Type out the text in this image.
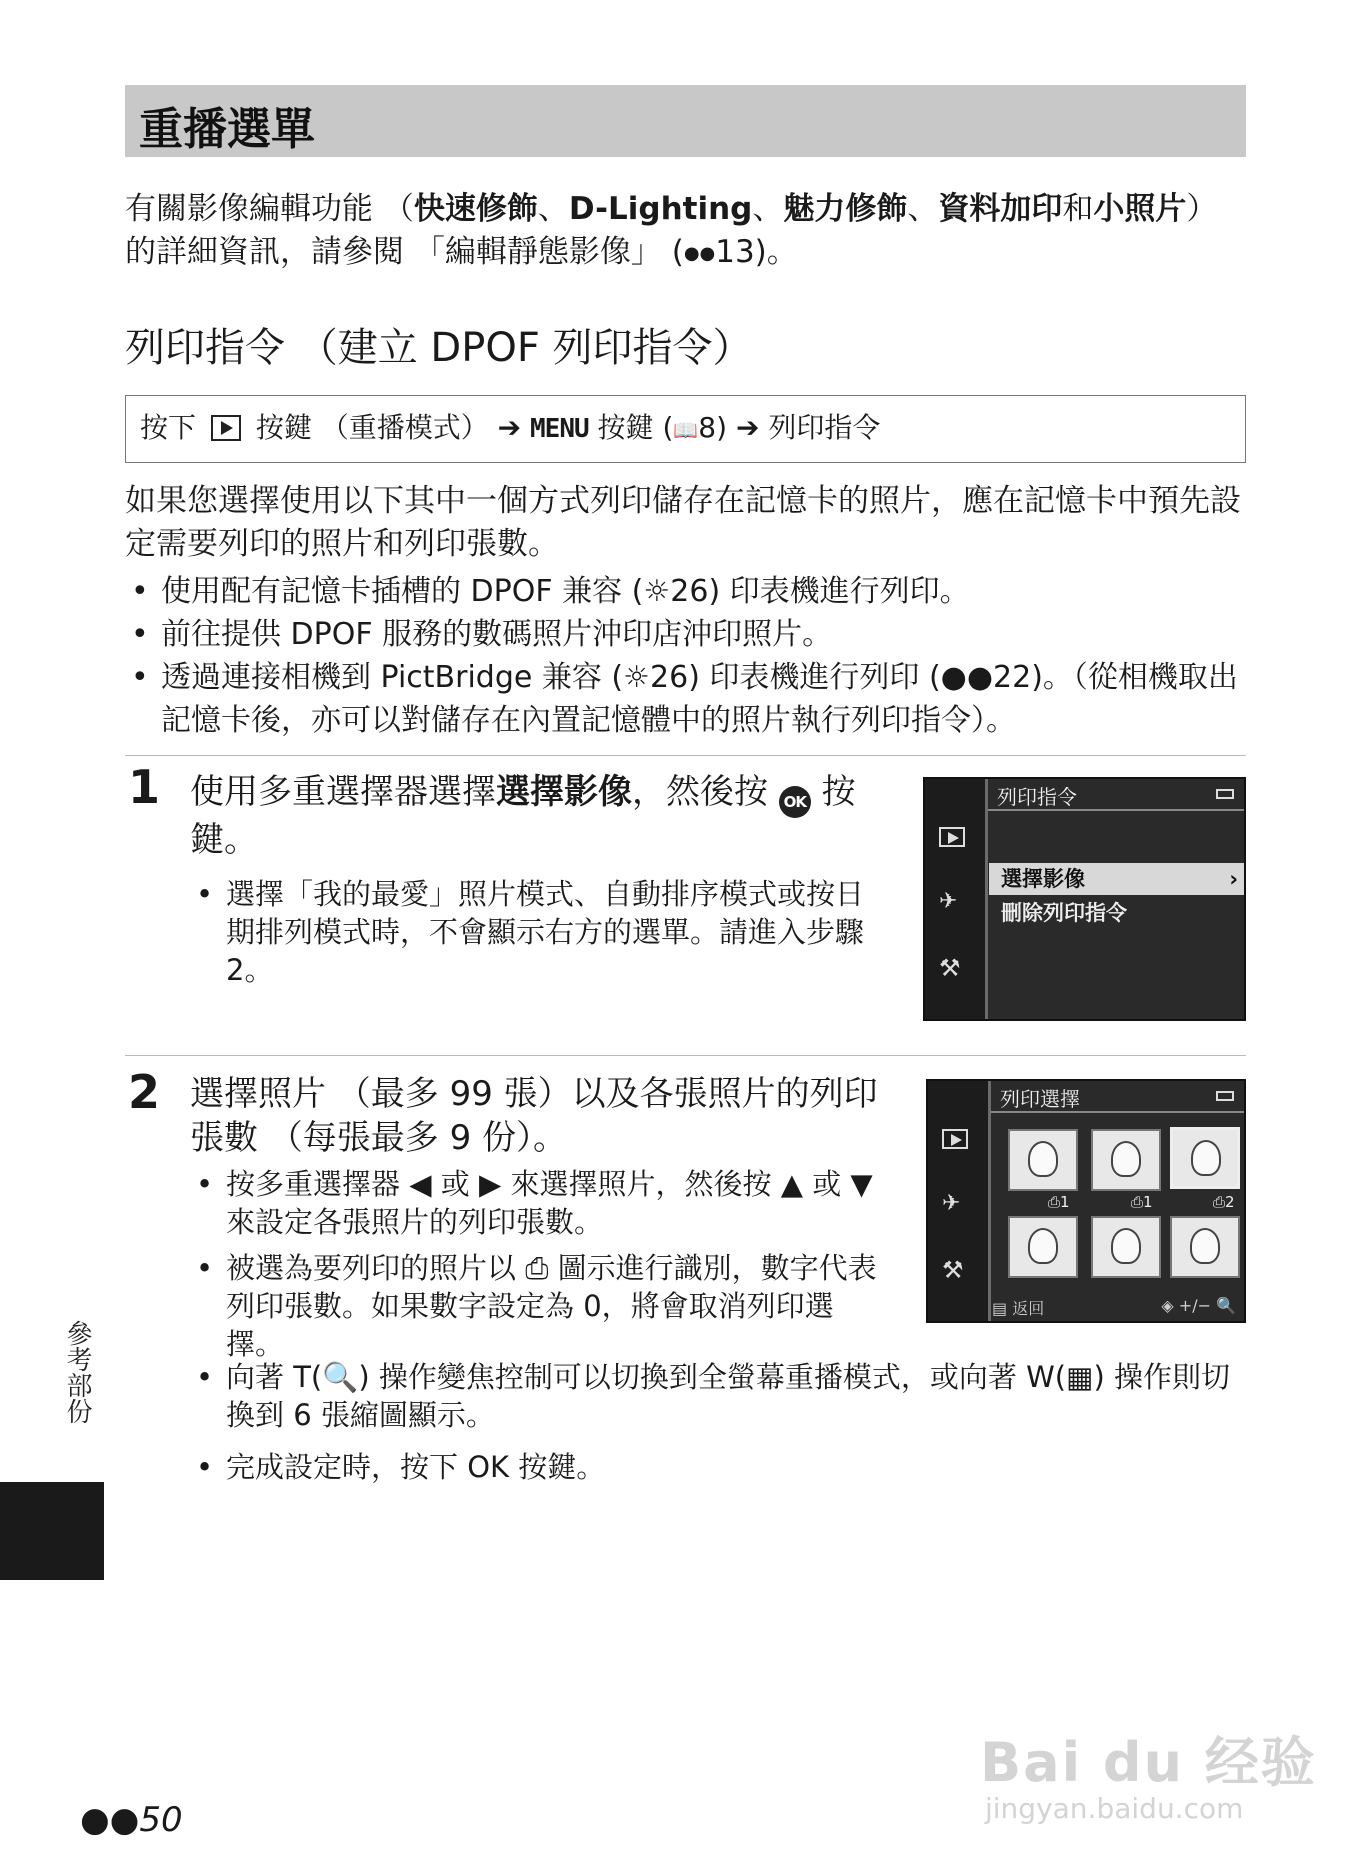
重播選單
有關影像編輯功能 （快速修飾、D-Lighting、魅力修飾、資料加印和小照片）的詳細資訊，請參閱 「編輯靜態影像」 (●●13)。
列印指令 （建立 DPOF 列印指令）
按下 按鍵 （重播模式） ➔ MENU 按鍵 (📖8) ➔ 列印指令
如果您選擇使用以下其中一個方式列印儲存在記憶卡的照片，應在記憶卡中預先設定需要列印的照片和列印張數。
• 使用配有記憶卡插槽的 DPOF 兼容 (☼26) 印表機進行列印。
• 前往提供 DPOF 服務的數碼照片沖印店沖印照片。
• 透過連接相機到 PictBridge 兼容 (☼26) 印表機進行列印 (●●22)。（從相機取出記憶卡後，亦可以對儲存在內置記憶體中的照片執行列印指令）。
1 使用多重選擇器選擇選擇影像，然後按 OK 按鍵。
• 選擇「我的最愛」照片模式、自動排序模式或按日期排列模式時，不會顯示右方的選單。請進入步驟 2。
✈
⚒
列印指令
選擇影像	›
刪除列印指令
2 選擇照片 （最多 99 張）以及各張照片的列印張數 （每張最多 9 份）。
• 按多重選擇器 ◀ 或 ▶ 來選擇照片，然後按 ▲ 或 ▼ 來設定各張照片的列印張數。
• 被選為要列印的照片以 ⎙ 圖示進行識別，數字代表列印張數。如果數字設定為 0，將會取消列印選擇。
• 向著 T(🔍) 操作變焦控制可以切換到全螢幕重播模式，或向著 W(▦) 操作則切換到 6 張縮圖顯示。
• 完成設定時，按下 OK 按鍵。
✈
⚒
列印選擇
⎙1	⎙1	⎙2
▤ 返回	◈ +/− 🔍
參考部份
●●50
Bai du 经验
jingyan.baidu.com
